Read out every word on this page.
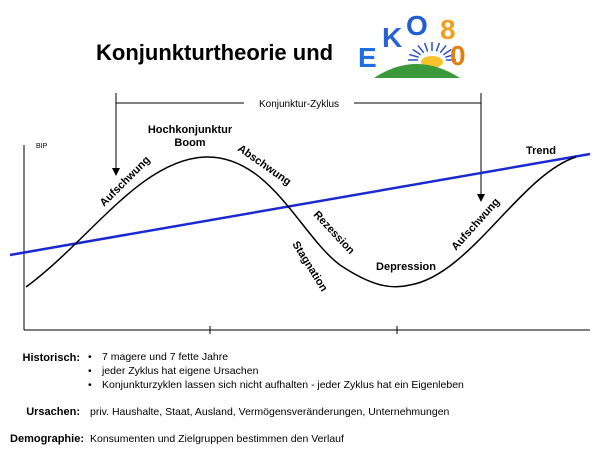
Konjunkturtheorie und E
K O 8
0
BIP
Konjunktur-Zyklus
Trend
Hochkonjunktur
Boom
Depression
Aufschwung	Abschwung
Rezession
Stagnation
Aufschwung
Historisch:
•	7 magere und 7 fette Jahre
• jeder Zyklus hat eigene Ursachen
• Konjunkturzyklen lassen sich nicht aufhalten - jeder Zyklus hat ein Eigenleben
Ursachen: priv. Haushalte, Staat, Ausland, Vermögensveränderungen, Unternehmungen
Demographie: Konsumenten und Zielgruppen bestimmen den Verlauf
